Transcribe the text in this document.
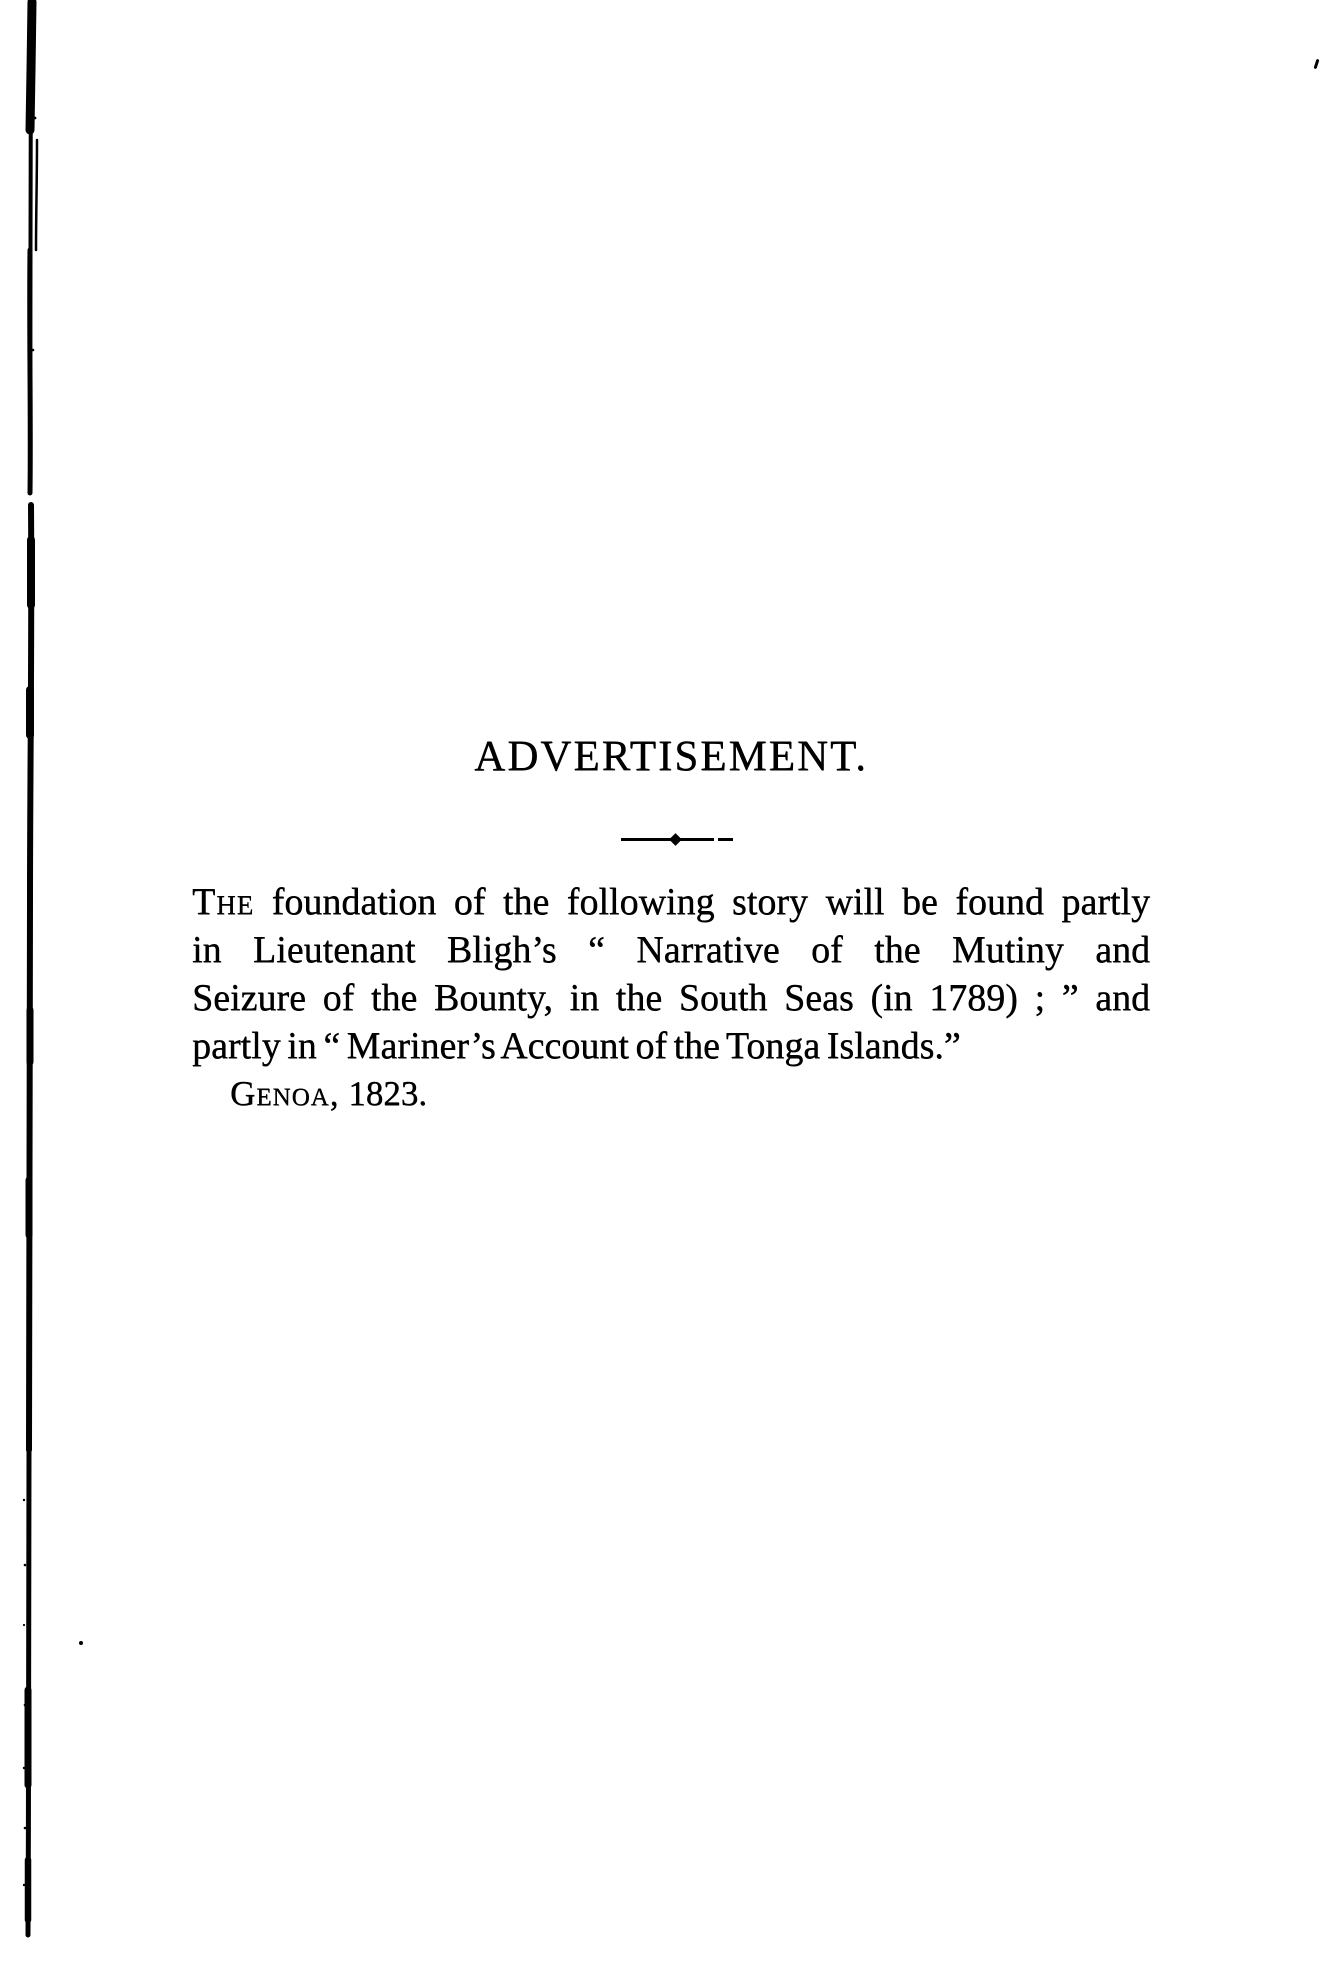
ADVERTISEMENT.
The foundation of the following story will be found partly
in Lieutenant Bligh’s “ Narrative of the Mutiny and
Seizure of the Bounty, in the South Seas (in 1789) ; ” and
partly in “ Mariner’s Account of the Tonga Islands.”
Genoa, 1823.
